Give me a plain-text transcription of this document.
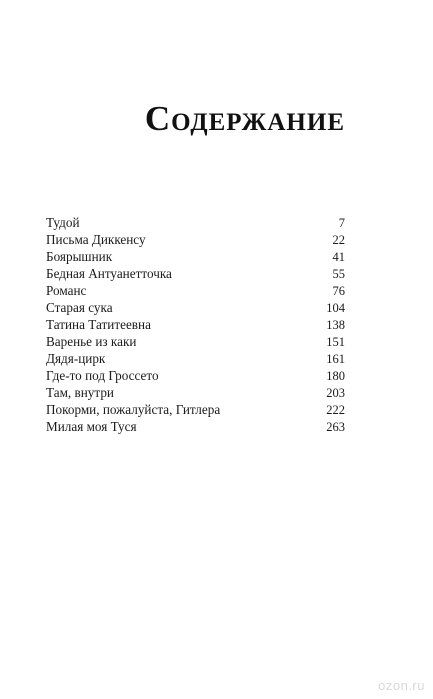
Содержание
Тудой	7
Письма Диккенсу	22
Боярышник	41
Бедная Антуанетточка	55
Романс	76
Старая сука	104
Татина Татитеевна	138
Варенье из каки	151
Дядя-цирк	161
Где-то под Гроссето	180
Там, внутри	203
Покорми, пожалуйста, Гитлера	222
Милая моя Туся	263
ozon.ru
